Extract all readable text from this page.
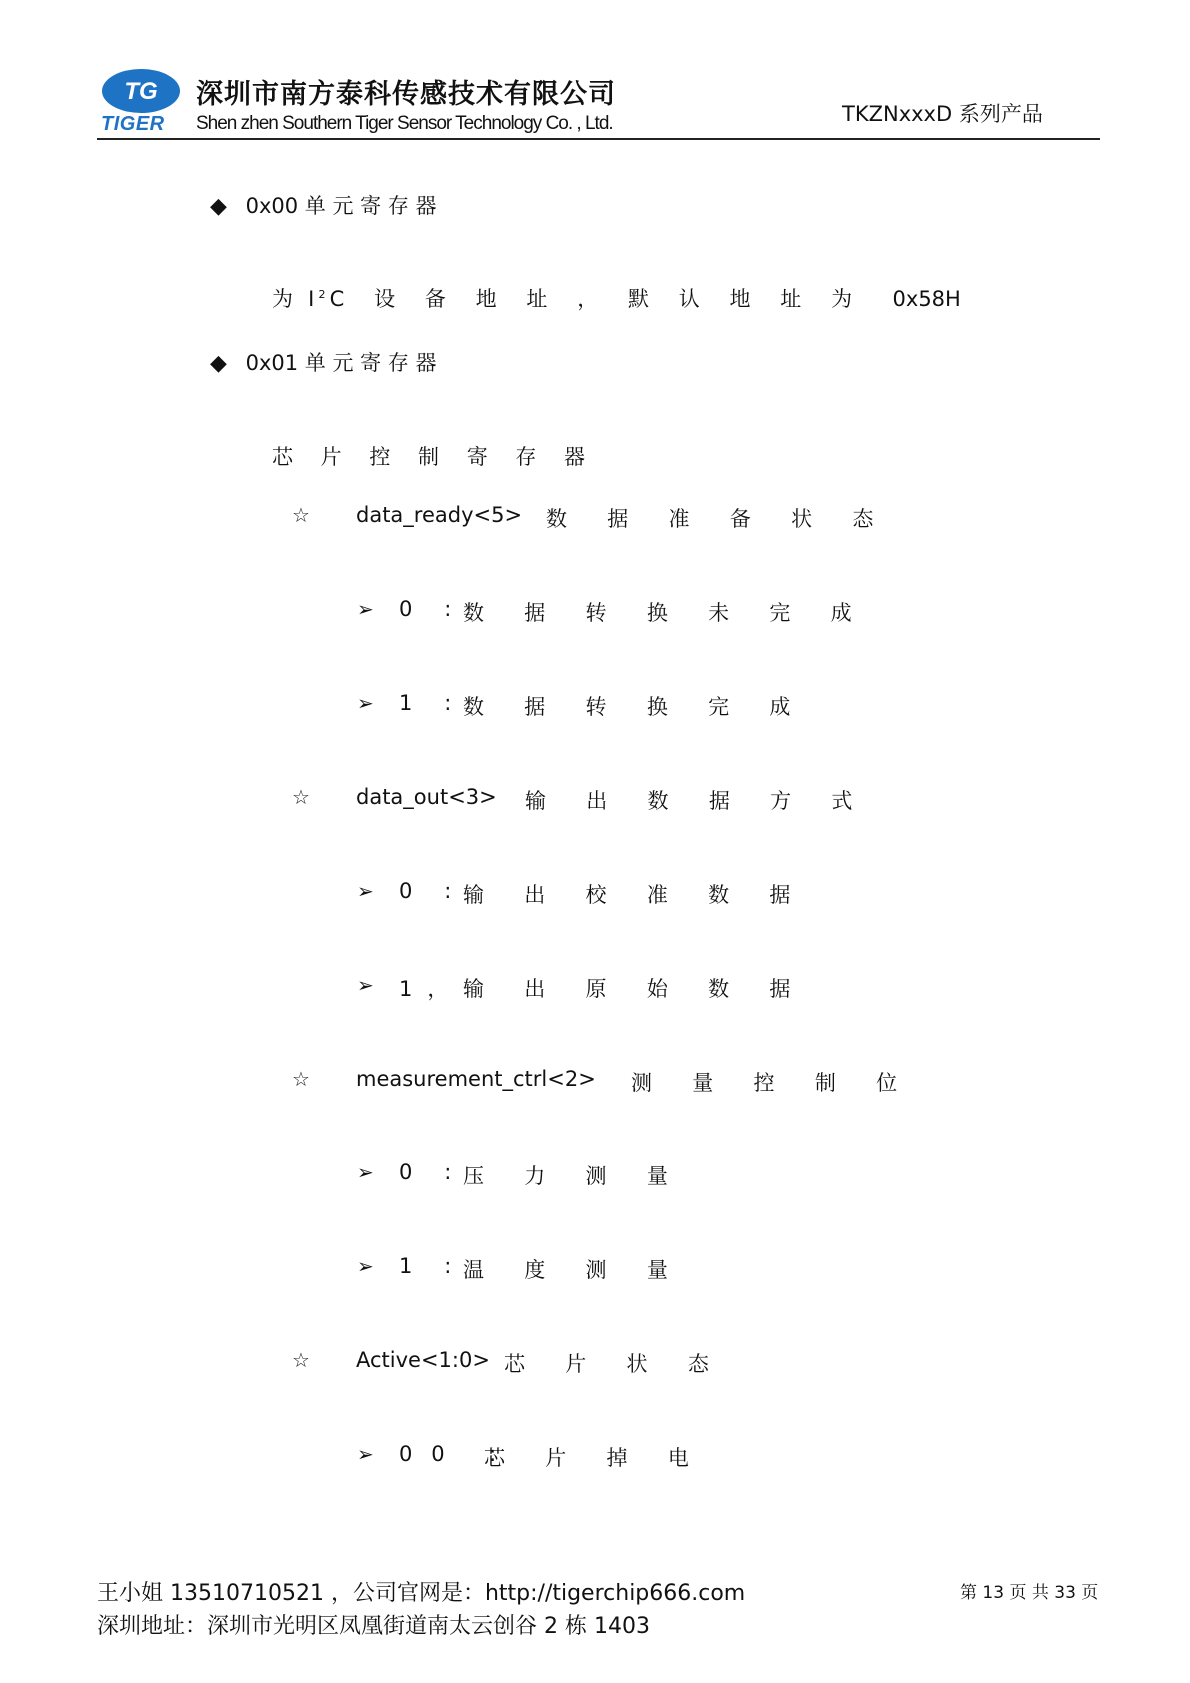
TG
TIGER
深圳市南方泰科传感技术有限公司
Shen zhen Southern Tiger Sensor Technology Co. , Ltd.	TKZNxxxD 系列产品
◆ 0x00 单 元 寄 存 器
为 $I^2C$ 设 备 地 址 ， 默 认 地 址 为 0x58H
◆ 0x01 单 元 寄 存 器
芯 片 控 制 寄 存 器
☆ data_ready<5> 数 据 准 备 状 态
➢ 0 : 数 据 转 换 未 完 成
➢ 1 : 数 据 转 换 完 成
☆ data_out<3> 输 出 数 据 方 式
➢ 0 : 输 出 校 准 数 据
➢ 1 ， 输 出 原 始 数 据
☆ measurement_ctrl<2> 测 量 控 制 位
➢ 0 : 压 力 测 量
➢ 1 : 温 度 测 量
☆ Active<1:0> 芯 片 状 态
➢ 00 :
芯 片 掉 电
王小姐 13510710521 ，公司官网是：http://tigerchip666.com
深圳地址：深圳市光明区凤凰街道南太云创谷 2 栋 1403
第 13 页 共 33 页
